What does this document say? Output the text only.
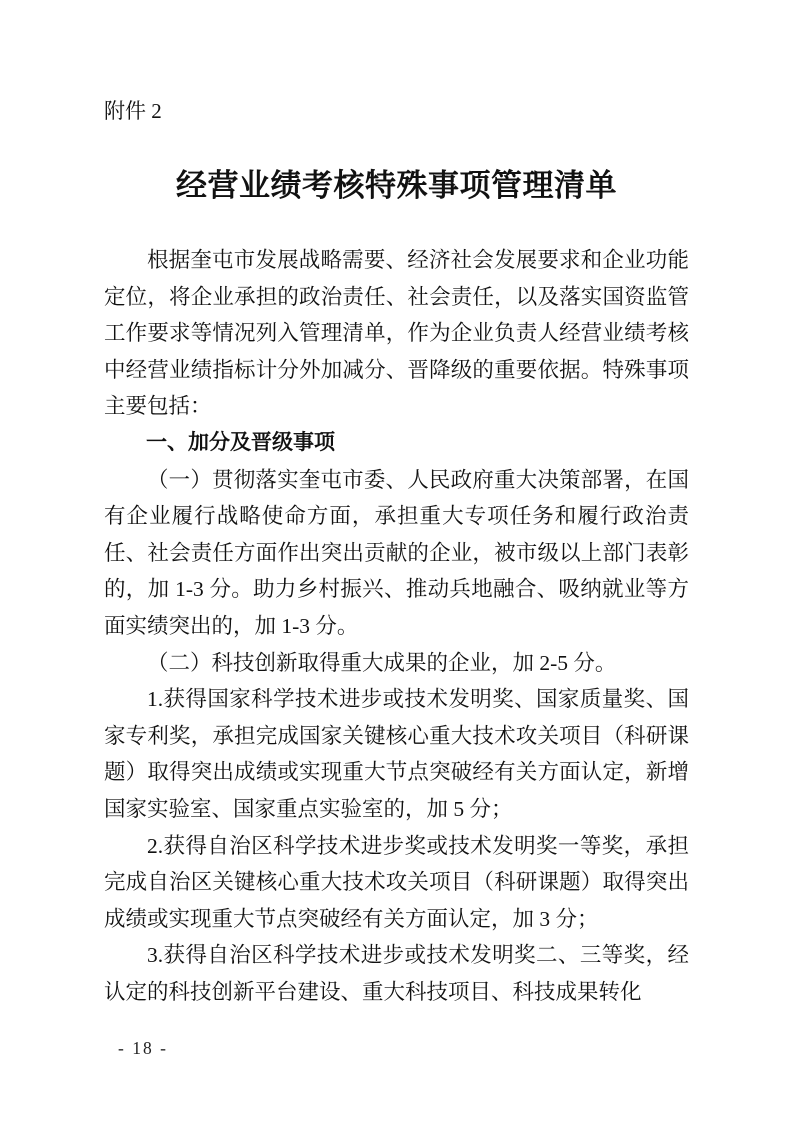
附件 2
经营业绩考核特殊事项管理清单

根据奎屯市发展战略需要、经济社会发展要求和企业功能定位，将企业承担的政治责任、社会责任，以及落实国资监管工作要求等情况列入管理清单，作为企业负责人经营业绩考核中经营业绩指标计分外加减分、晋降级的重要依据。特殊事项主要包括：

一、加分及晋级事项

（一）贯彻落实奎屯市委、人民政府重大决策部署，在国有企业履行战略使命方面，承担重大专项任务和履行政治责任、社会责任方面作出突出贡献的企业，被市级以上部门表彰的，加 1-3 分。助力乡村振兴、推动兵地融合、吸纳就业等方面实绩突出的，加 1-3 分。

（二）科技创新取得重大成果的企业，加 2-5 分。

1.获得国家科学技术进步或技术发明奖、国家质量奖、国家专利奖，承担完成国家关键核心重大技术攻关项目（科研课题）取得突出成绩或实现重大节点突破经有关方面认定，新增国家实验室、国家重点实验室的，加 5 分；

2.获得自治区科学技术进步奖或技术发明奖一等奖，承担完成自治区关键核心重大技术攻关项目（科研课题）取得突出成绩或实现重大节点突破经有关方面认定，加 3 分；

3.获得自治区科学技术进步或技术发明奖二、三等奖，经认定的科技创新平台建设、重大科技项目、科技成果转化

- 18 -
